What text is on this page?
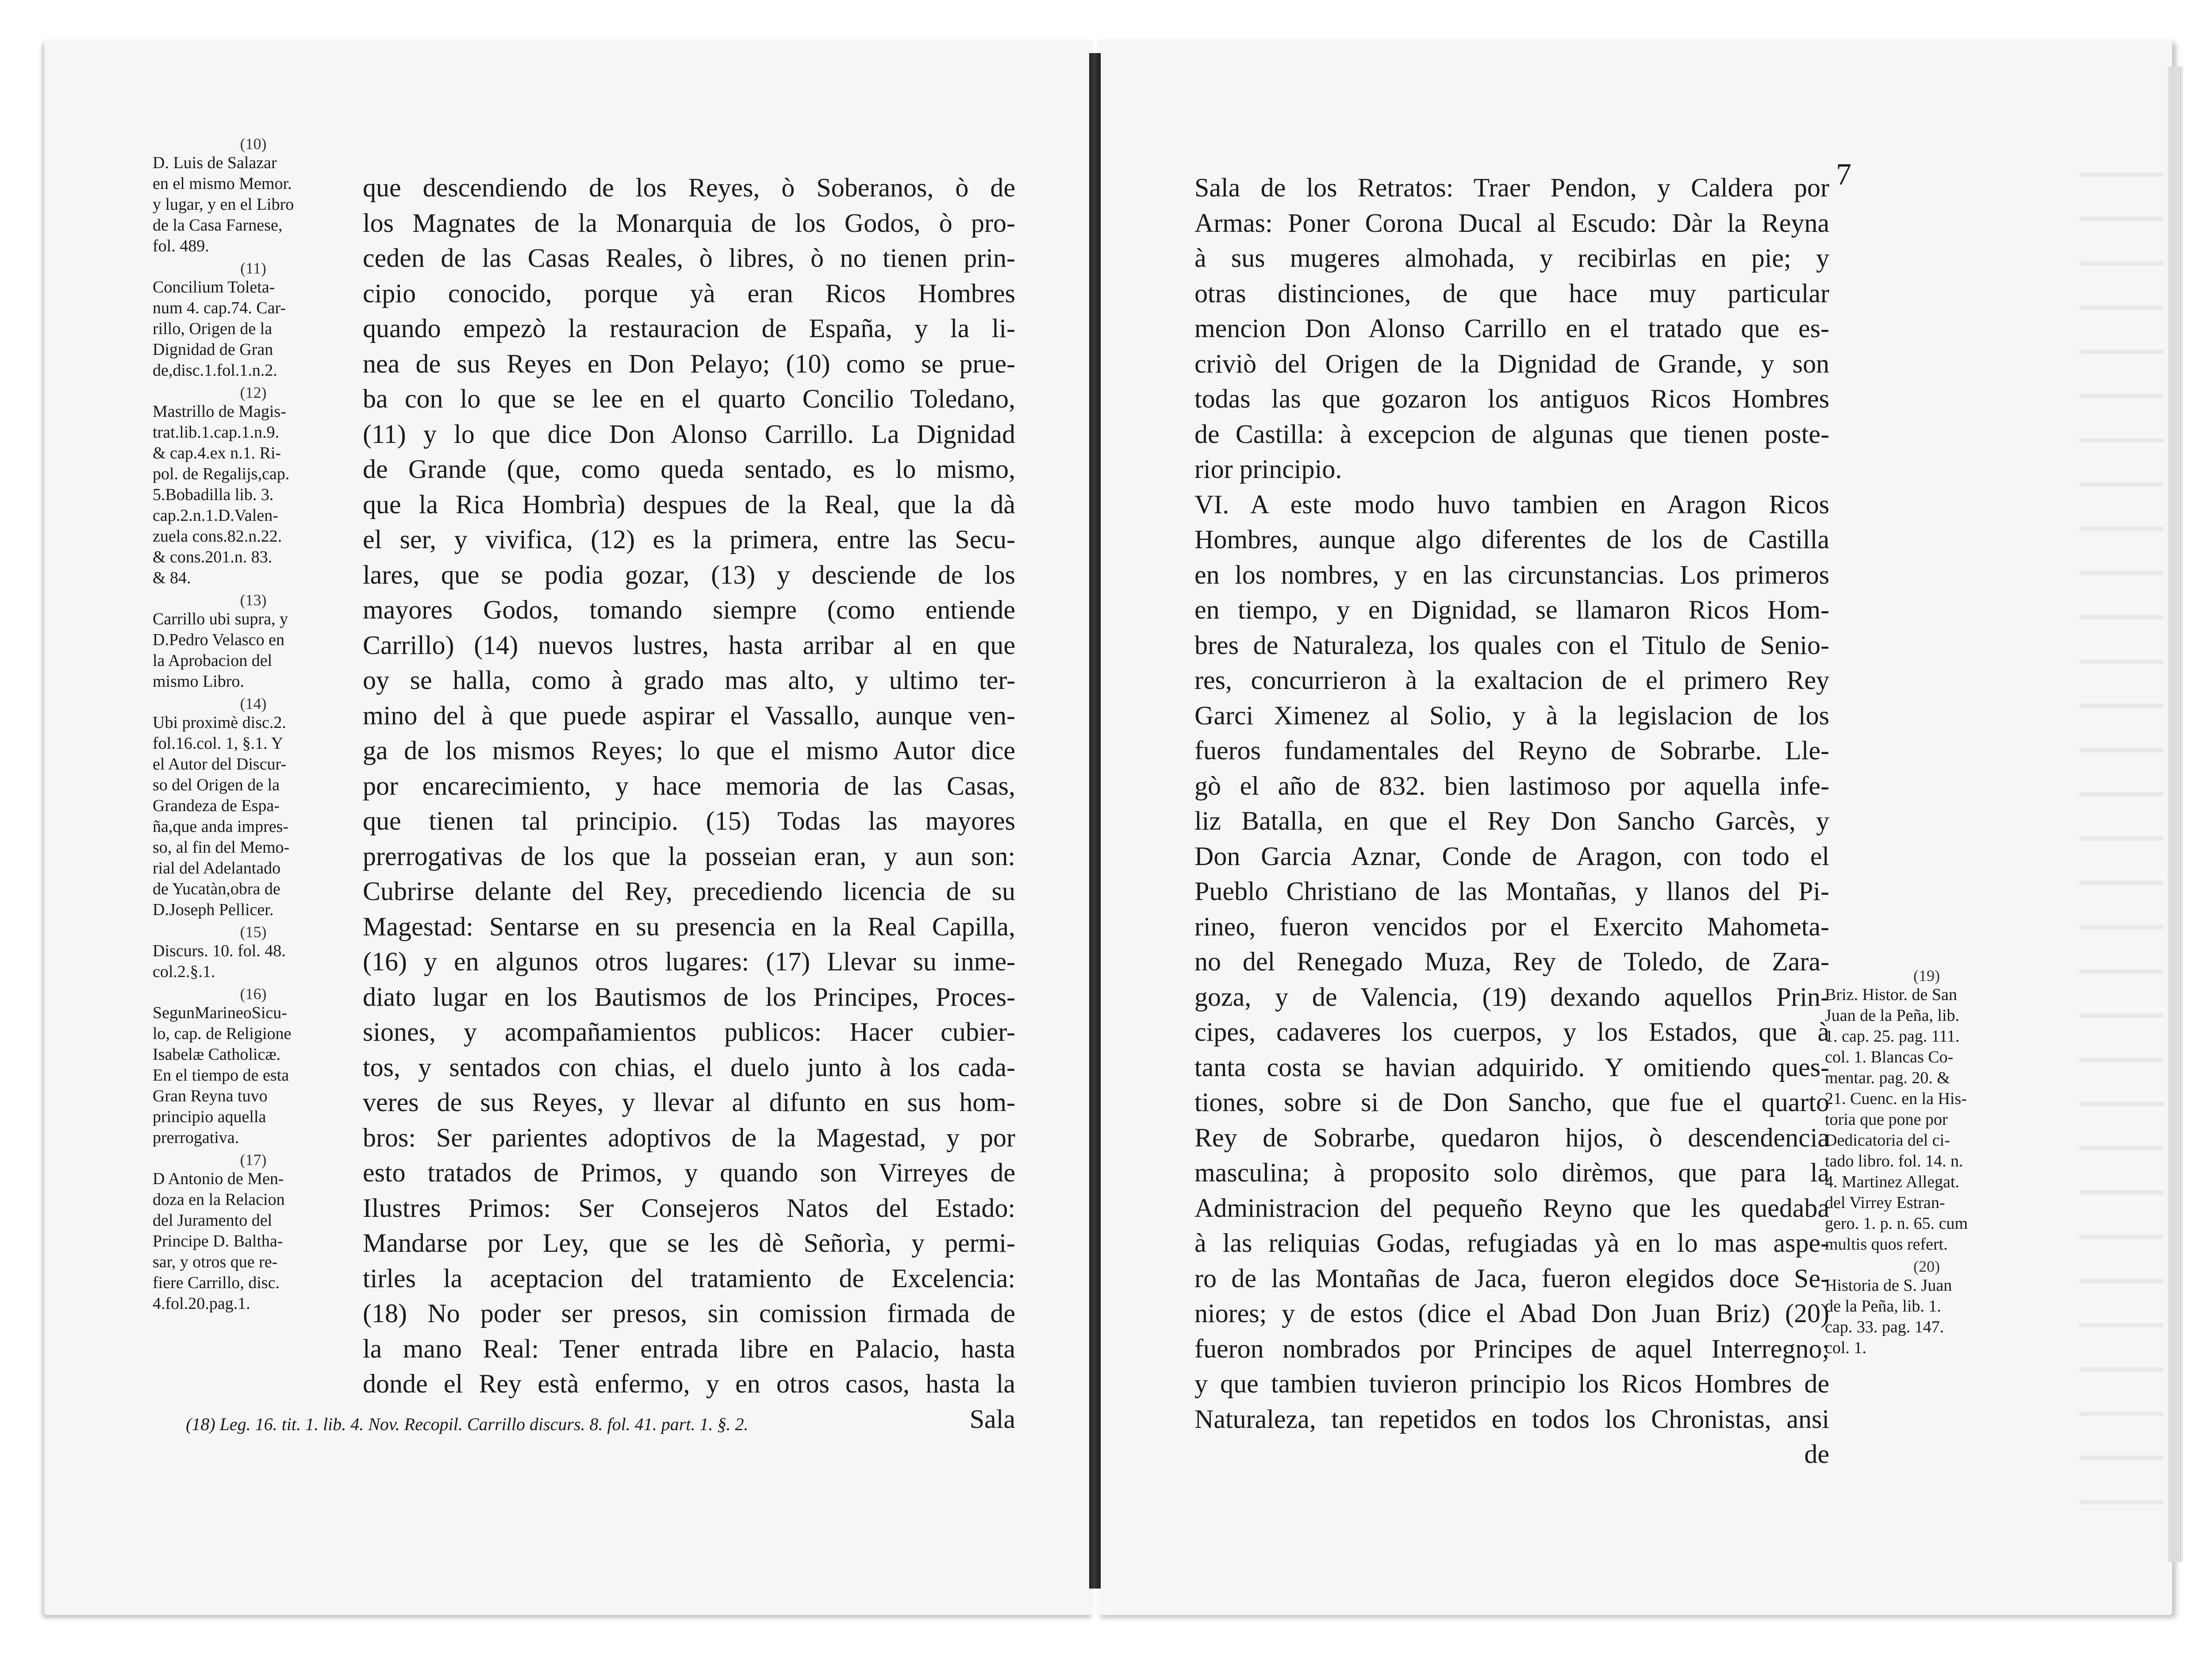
(10)
D. Luis de Salazar
en el mismo Memor.
y lugar, y en el Libro
de la Casa Farnese,
fol. 489.
(11)
Concilium Toleta-
num 4. cap.74. Car-
rillo, Origen de la
Dignidad de Gran
de,disc.1.fol.1.n.2.
(12)
Mastrillo de Magis-
trat.lib.1.cap.1.n.9.
& cap.4.ex n.1. Ri-
pol. de Regalijs,cap.
5.Bobadilla lib. 3.
cap.2.n.1.D.Valen-
zuela cons.82.n.22.
& cons.201.n. 83.
& 84.
(13)
Carrillo ubi supra, y
D.Pedro Velasco en
la Aprobacion del
mismo Libro.
(14)
Ubi proximè disc.2.
fol.16.col. 1, §.1. Y
el Autor del Discur-
so del Origen de la
Grandeza de Espa-
ña,que anda impres-
so, al fin del Memo-
rial del Adelantado
de Yucatàn,obra de
D.Joseph Pellicer.
(15)
Discurs. 10. fol. 48.
col.2.§.1.
(16)
SegunMarineoSicu-
lo, cap. de Religione
Isabelæ Catholicæ.
En el tiempo de esta
Gran Reyna tuvo
principio aquella
prerrogativa.
(17)
D Antonio de Men-
doza en la Relacion
del Juramento del
Principe D. Baltha-
sar, y otros que re-
fiere Carrillo, disc.
4.fol.20.pag.1.
que descendiendo de los Reyes, ò Soberanos, ò de
los Magnates de la Monarquia de los Godos, ò pro-
ceden de las Casas Reales, ò libres, ò no tienen prin-
cipio conocido, porque yà eran Ricos Hombres
quando empezò la restauracion de España, y la li-
nea de sus Reyes en Don Pelayo; (10) como se prue-
ba con lo que se lee en el quarto Concilio Toledano,
(11) y lo que dice Don Alonso Carrillo. La Dignidad
de Grande (que, como queda sentado, es lo mismo,
que la Rica Hombrìa) despues de la Real, que la dà
el ser, y vivifica, (12) es la primera, entre las Secu-
lares, que se podia gozar, (13) y desciende de los
mayores Godos, tomando siempre (como entiende
Carrillo) (14) nuevos lustres, hasta arribar al en que
oy se halla, como à grado mas alto, y ultimo ter-
mino del à que puede aspirar el Vassallo, aunque ven-
ga de los mismos Reyes; lo que el mismo Autor dice
por encarecimiento, y hace memoria de las Casas,
que tienen tal principio. (15) Todas las mayores
prerrogativas de los que la posseian eran, y aun son:
Cubrirse delante del Rey, precediendo licencia de su
Magestad: Sentarse en su presencia en la Real Capilla,
(16) y en algunos otros lugares: (17) Llevar su inme-
diato lugar en los Bautismos de los Principes, Proces-
siones, y acompañamientos publicos: Hacer cubier-
tos, y sentados con chias, el duelo junto à los cada-
veres de sus Reyes, y llevar al difunto en sus hom-
bros: Ser parientes adoptivos de la Magestad, y por
esto tratados de Primos, y quando son Virreyes de
Ilustres Primos: Ser Consejeros Natos del Estado:
Mandarse por Ley, que se les dè Señorìa, y permi-
tirles la aceptacion del tratamiento de Excelencia:
(18) No poder ser presos, sin comission firmada de
la mano Real: Tener entrada libre en Palacio, hasta
donde el Rey està enfermo, y en otros casos, hasta la
Sala
(18) Leg. 16. tit. 1. lib. 4. Nov. Recopil. Carrillo discurs. 8. fol. 41. part. 1. §. 2.
7
Sala de los Retratos: Traer Pendon, y Caldera por
Armas: Poner Corona Ducal al Escudo: Dàr la Reyna
à sus mugeres almohada, y recibirlas en pie; y
otras distinciones, de que hace muy particular
mencion Don Alonso Carrillo en el tratado que es-
criviò del Origen de la Dignidad de Grande, y son
todas las que gozaron los antiguos Ricos Hombres
de Castilla: à excepcion de algunas que tienen poste-
rior principio.
VI. A este modo huvo tambien en Aragon Ricos
Hombres, aunque algo diferentes de los de Castilla
en los nombres, y en las circunstancias. Los primeros
en tiempo, y en Dignidad, se llamaron Ricos Hom-
bres de Naturaleza, los quales con el Titulo de Senio-
res, concurrieron à la exaltacion de el primero Rey
Garci Ximenez al Solio, y à la legislacion de los
fueros fundamentales del Reyno de Sobrarbe. Lle-
gò el año de 832. bien lastimoso por aquella infe-
liz Batalla, en que el Rey Don Sancho Garcès, y
Don Garcia Aznar, Conde de Aragon, con todo el
Pueblo Christiano de las Montañas, y llanos del Pi-
rineo, fueron vencidos por el Exercito Mahometa-
no del Renegado Muza, Rey de Toledo, de Zara-
goza, y de Valencia, (19) dexando aquellos Prin-
cipes, cadaveres los cuerpos, y los Estados, que à
tanta costa se havian adquirido. Y omitiendo ques-
tiones, sobre si de Don Sancho, que fue el quarto
Rey de Sobrarbe, quedaron hijos, ò descendencia
masculina; à proposito solo dirèmos, que para la
Administracion del pequeño Reyno que les quedaba
à las reliquias Godas, refugiadas yà en lo mas aspe-
ro de las Montañas de Jaca, fueron elegidos doce Se-
niores; y de estos (dice el Abad Don Juan Briz) (20)
fueron nombrados por Principes de aquel Interregno;
y que tambien tuvieron principio los Ricos Hombres de
Naturaleza, tan repetidos en todos los Chronistas, ansi
de
(19)
Briz. Histor. de San
Juan de la Peña, lib.
1. cap. 25. pag. 111.
col. 1. Blancas Co-
mentar. pag. 20. &
21. Cuenc. en la His-
toria que pone por
Dedicatoria del ci-
tado libro. fol. 14. n.
4. Martinez Allegat.
del Virrey Estran-
gero. 1. p. n. 65. cum
multis quos refert.
(20)
Historia de S. Juan
de la Peña, lib. 1.
cap. 33. pag. 147.
col. 1.
